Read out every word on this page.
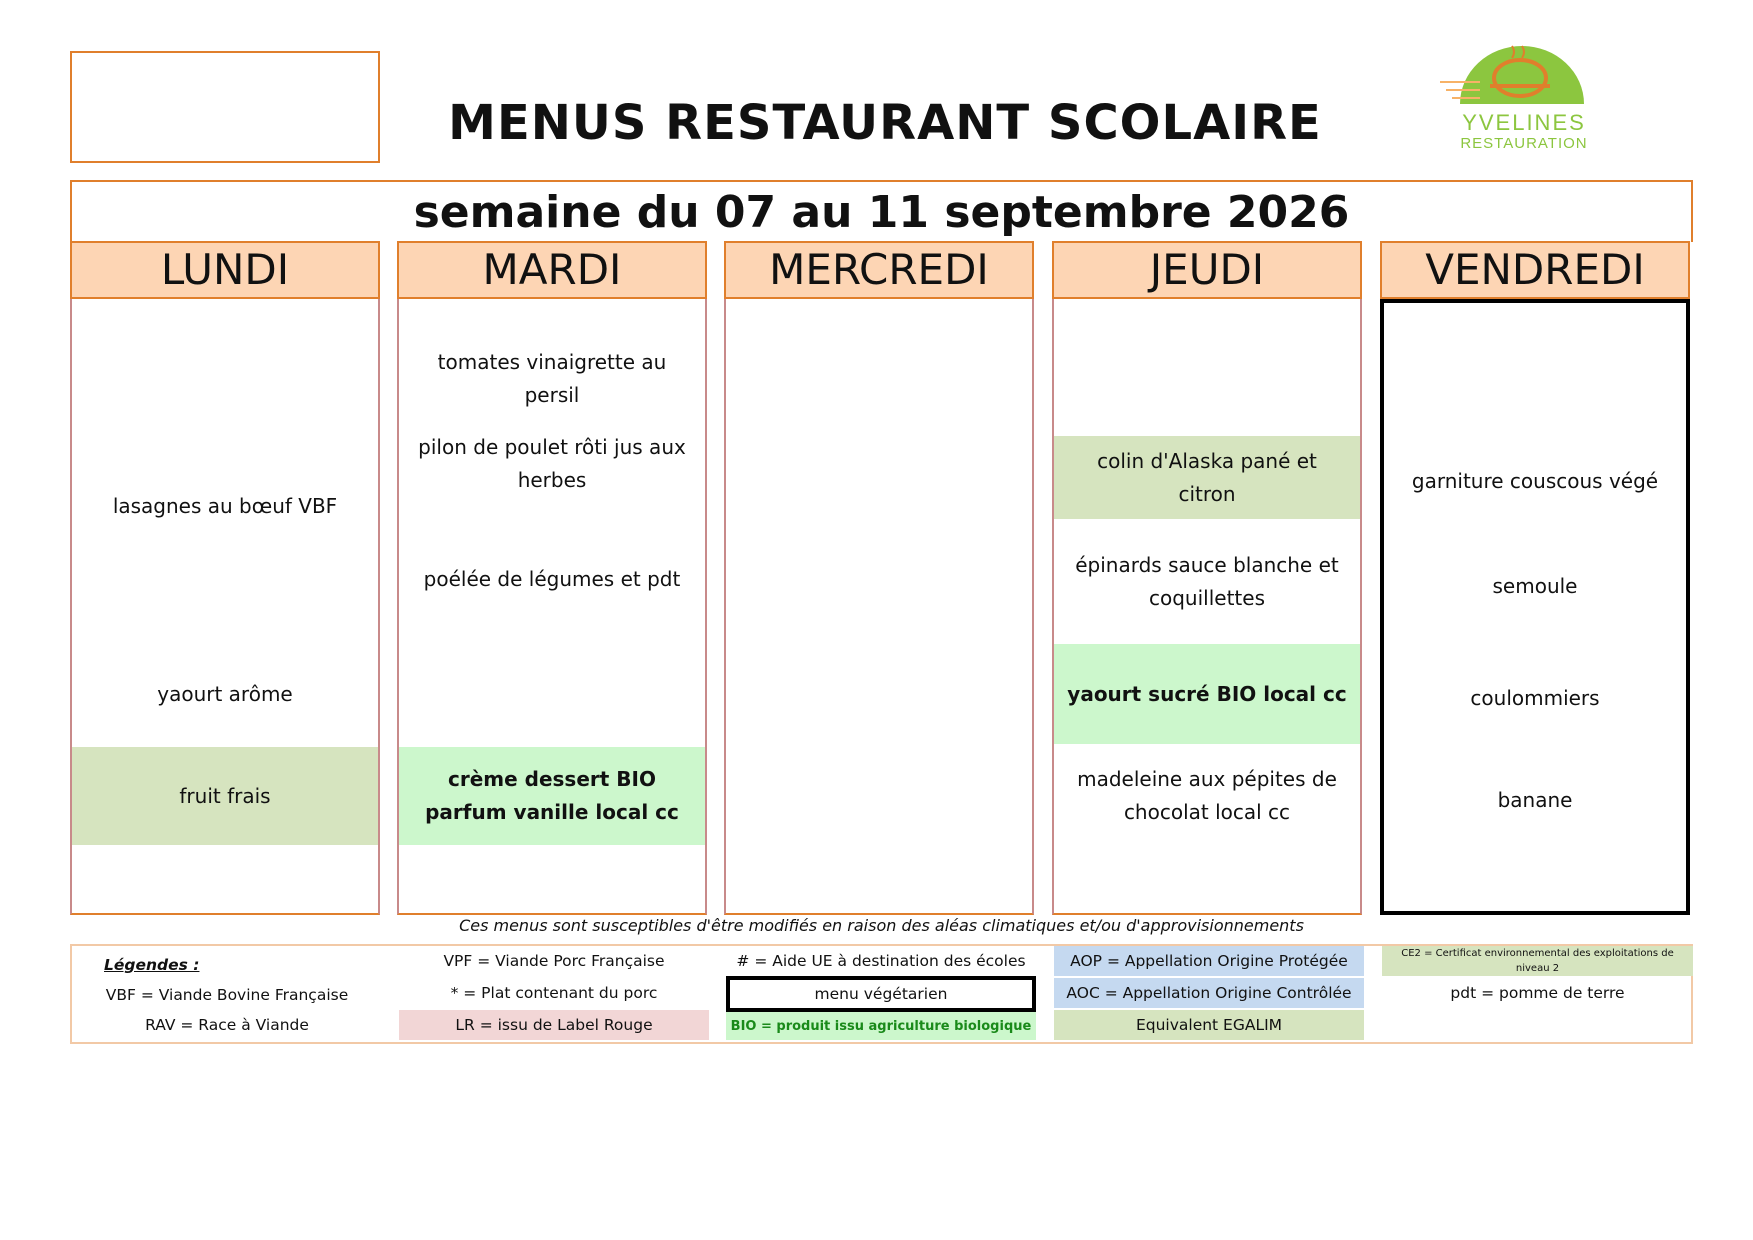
YVELINES
RESTAURATION
MENUS RESTAURANT SCOLAIRE
semaine du 07 au 11 septembre 2026
LUNDI
lasagnes au bœuf VBF
yaourt arôme
fruit frais
MARDI
tomates vinaigrette au persil
pilon de poulet rôti jus aux herbes
poélée de légumes et pdt
crème dessert BIO parfum vanille local cc
MERCREDI	JEUDI
colin d'Alaska pané et citron
épinards sauce blanche et coquillettes
yaourt sucré BIO local cc
madeleine aux pépites de chocolat local cc
VENDREDI
garniture couscous végé
semoule
coulommiers
banane
Ces menus sont susceptibles d'être modifiés en raison des aléas climatiques et/ou d'approvisionnements
Légendes :
VBF = Viande Bovine Française
RAV = Race à Viande
VPF = Viande Porc Française
* = Plat contenant du porc
LR = issu de Label Rouge
# = Aide UE à destination des écoles
menu végétarien
BIO = produit issu agriculture biologique
AOP = Appellation Origine Protégée
AOC = Appellation Origine Contrôlée
Equivalent EGALIM
CE2 = Certificat environnemental des exploitations de niveau 2
pdt = pomme de terre
